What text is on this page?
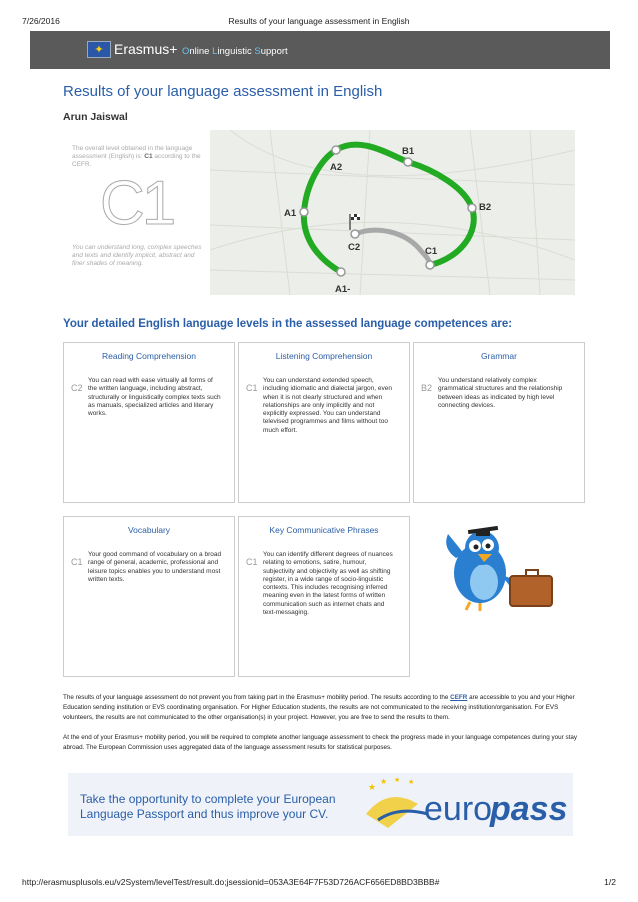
7/26/2016	Results of your language assessment in English
✦ Erasmus+ Online Linguistic Support
Results of your language assessment in English
Arun Jaiswal
The overall level obtained in the language assessment (English) is: C1 according to the CEFR.
C1
You can understand long, complex speeches and texts and identify implicit, abstract and finer shades of meaning.
A1-
A1
A2
B1
B2
C1
C2
Your detailed English language levels in the assessed language competences are:
Reading Comprehension
C2
You can read with ease virtually all forms of the written language, including abstract, structurally or linguistically complex texts such as manuals, specialized articles and literary works.
Listening Comprehension
C1
You can understand extended speech, including idiomatic and dialectal jargon, even when it is not clearly structured and when relationships are only implicitly and not explicitly expressed. You can understand televised programmes and films without too much effort.
Grammar
B2
You understand relatively complex grammatical structures and the relationship between ideas as indicated by high level connecting devices.
Vocabulary
C1
Your good command of vocabulary on a broad range of general, academic, professional and leisure topics enables you to understand most written texts.
Key Communicative Phrases
C1
You can identify different degrees of nuances relating to emotions, satire, humour, subjectivity and objectivity as well as shifting register, in a wide range of socio-linguistic contexts. This includes recognising inferred meaning even in the latest forms of written communication such as internet chats and text-messaging.
The results of your language assessment do not prevent you from taking part in the Erasmus+ mobility period. The results according to the CEFR are accessible to you and your Higher Education sending institution or EVS coordinating organisation. For Higher Education students, the results are not communicated to the receiving institution/organisation. For EVS volunteers, the results are not communicated to the other organisation(s) in your project. However, you are free to send the results to them.
At the end of your Erasmus+ mobility period, you will be required to complete another language assessment to check the progress made in your language competences during your stay abroad. The European Commission uses aggregated data of the language assessment results for statistical purposes.
Take the opportunity to complete your European Language Passport and thus improve your CV.
★
★ ★ ★
euro
pass
http://erasmusplusols.eu/v2System/levelTest/result.do;jsessionid=053A3E64F7F53D726ACF656ED8BD3BBB#	1/2
